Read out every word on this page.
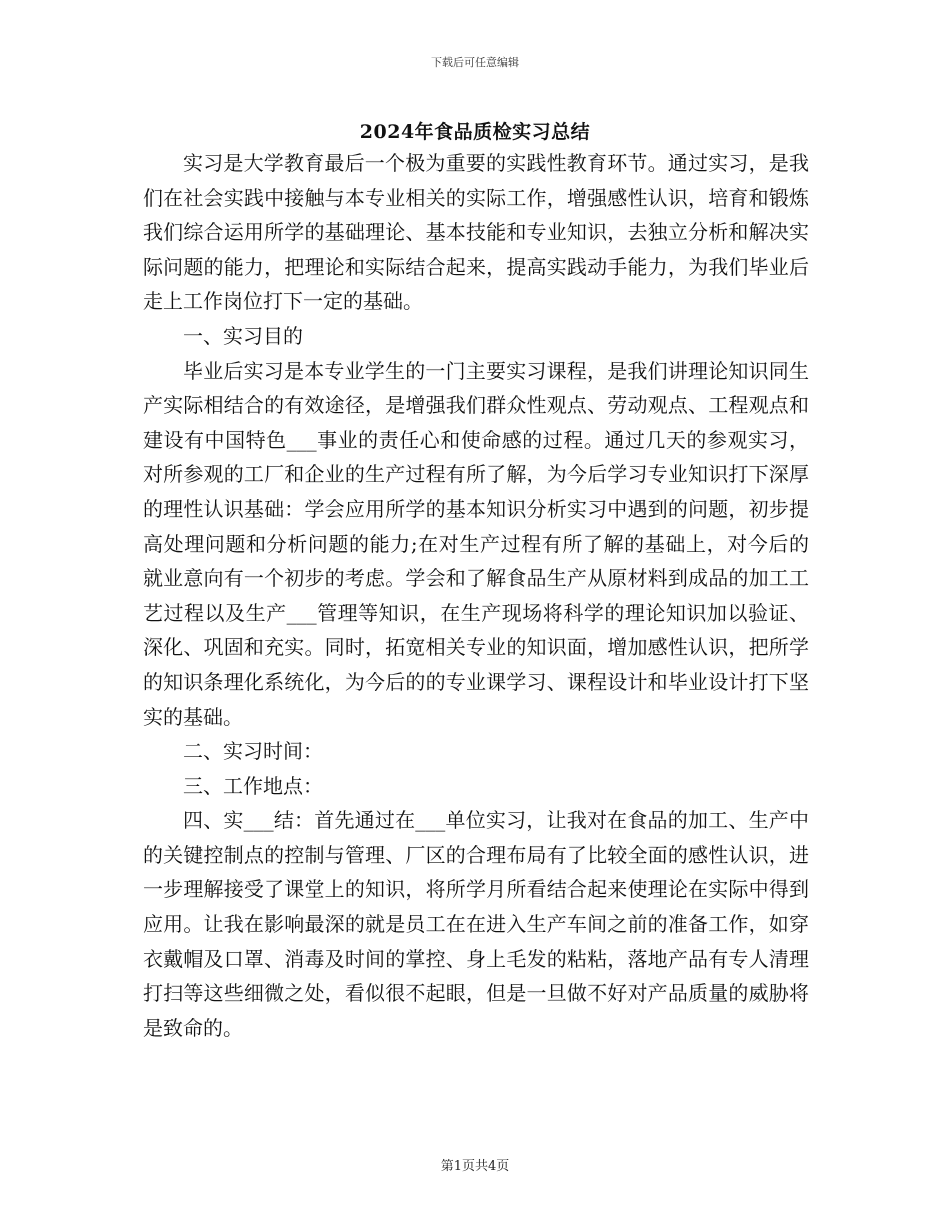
下载后可任意编辑
2024年食品质检实习总结

实习是大学教育最后一个极为重要的实践性教育环节。通过实习，是我们在社会实践中接触与本专业相关的实际工作，增强感性认识，培育和锻炼我们综合运用所学的基础理论、基本技能和专业知识，去独立分析和解决实际问题的能力，把理论和实际结合起来，提高实践动手能力，为我们毕业后走上工作岗位打下一定的基础。

一、实习目的

毕业后实习是本专业学生的一门主要实习课程，是我们讲理论知识同生产实际相结合的有效途径，是增强我们群众性观点、劳动观点、工程观点和建设有中国特色___事业的责任心和使命感的过程。通过几天的参观实习，对所参观的工厂和企业的生产过程有所了解，为今后学习专业知识打下深厚的理性认识基础：学会应用所学的基本知识分析实习中遇到的问题，初步提高处理问题和分析问题的能力;在对生产过程有所了解的基础上，对今后的就业意向有一个初步的考虑。学会和了解食品生产从原材料到成品的加工工艺过程以及生产___管理等知识，在生产现场将科学的理论知识加以验证、深化、巩固和充实。同时，拓宽相关专业的知识面，增加感性认识，把所学的知识条理化系统化，为今后的的专业课学习、课程设计和毕业设计打下坚实的基础。

二、实习时间：

三、工作地点：

四、实___结：首先通过在___单位实习，让我对在食品的加工、生产中的关键控制点的控制与管理、厂区的合理布局有了比较全面的感性认识，进一步理解接受了课堂上的知识，将所学月所看结合起来使理论在实际中得到应用。让我在影响最深的就是员工在在进入生产车间之前的准备工作，如穿衣戴帽及口罩、消毒及时间的掌控、身上毛发的粘粘，落地产品有专人清理打扫等这些细微之处，看似很不起眼，但是一旦做不好对产品质量的威胁将是致命的。

第1页共4页
